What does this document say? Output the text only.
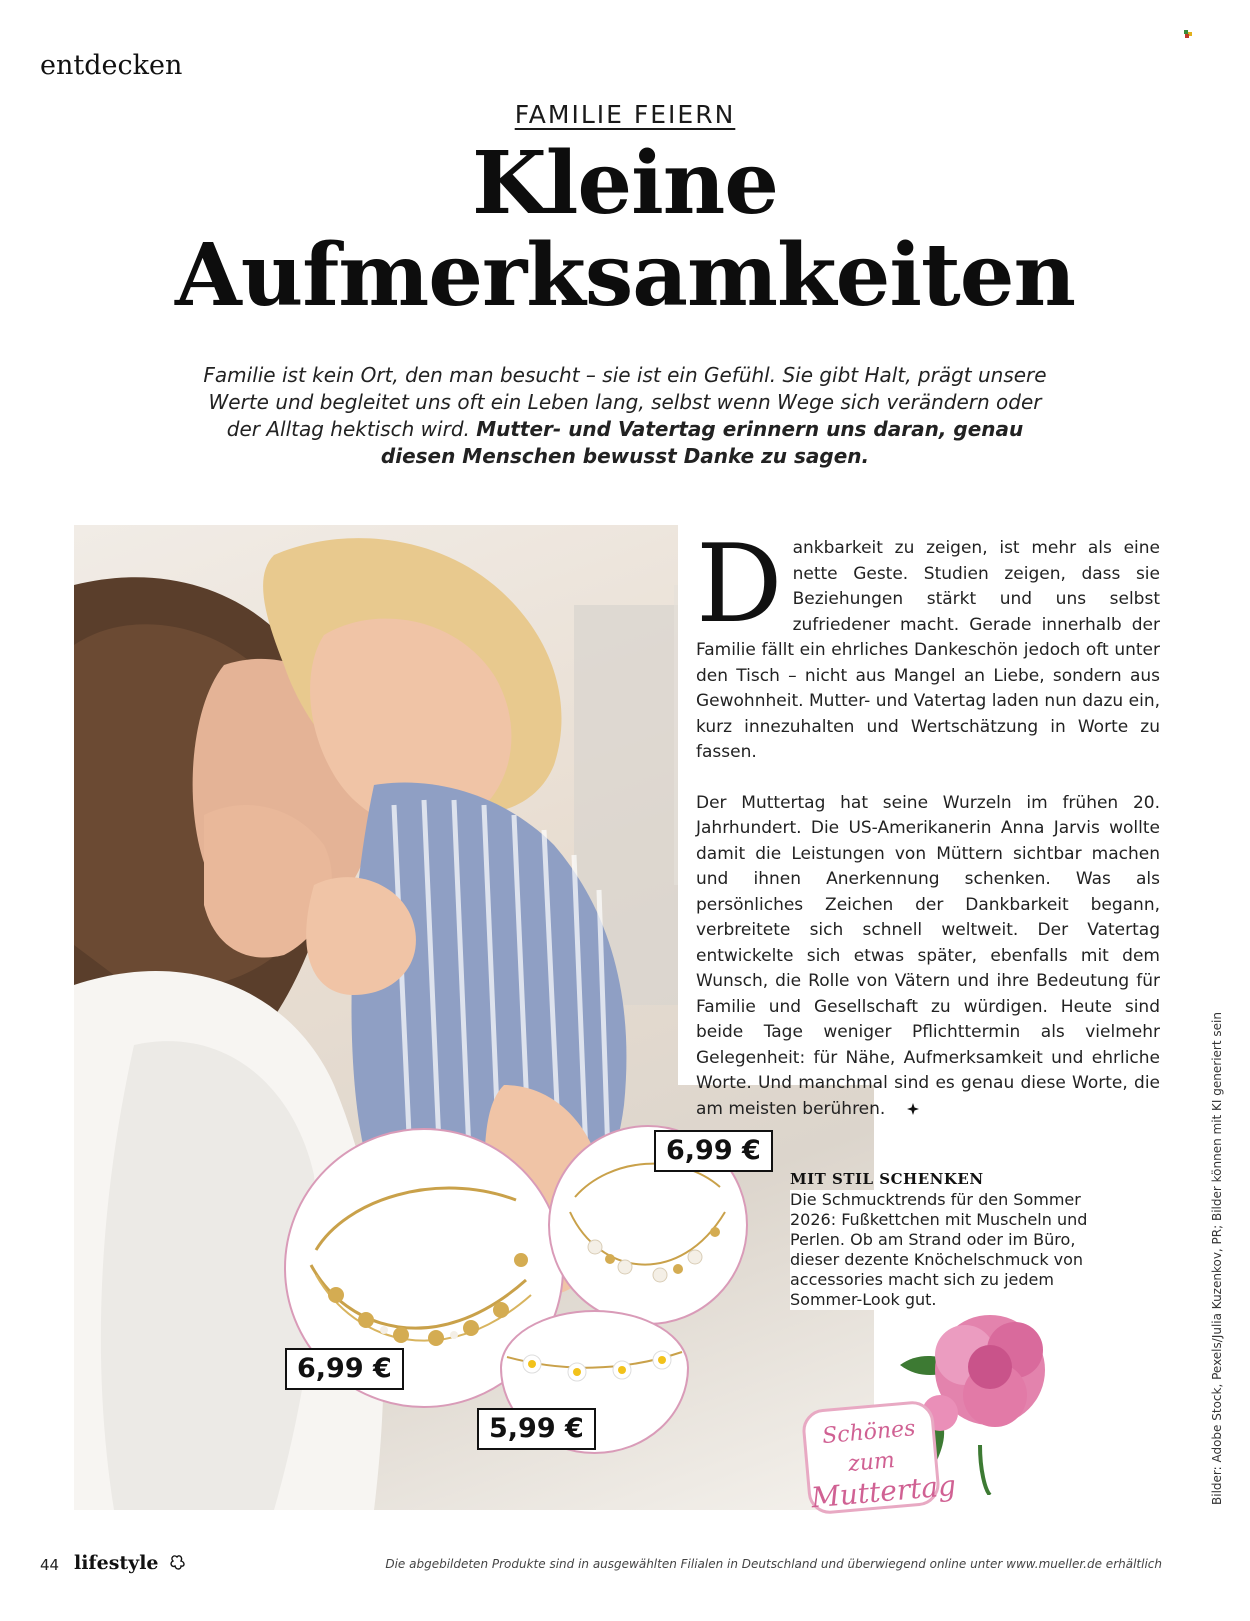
entdecken
FAMILIE FEIERN
Kleine
Aufmerksamkeiten
Familie ist kein Ort, den man besucht – sie ist ein Gefühl. Sie gibt Halt, prägt unsere Werte und begleitet uns oft ein Leben lang, selbst wenn Wege sich verändern oder der Alltag hektisch wird. Mutter- und Vatertag erinnern uns daran, genau diesen Menschen bewusst Danke zu sagen.

D ankbarkeit zu zeigen, ist mehr als eine nette Geste. Studien zeigen, dass sie Beziehungen stärkt und uns selbst zufriedener macht. Gerade innerhalb der Familie fällt ein ehrliches Dankeschön jedoch oft unter den Tisch – nicht aus Mangel an Liebe, sondern aus Gewohnheit. Mutter- und Vatertag laden nun dazu ein, kurz innezuhalten und Wertschätzung in Worte zu fassen.

Der Muttertag hat seine Wurzeln im frühen 20. Jahrhundert. Die US-Amerikanerin Anna Jarvis wollte damit die Leistungen von Müttern sichtbar machen und ihnen Anerkennung schenken. Was als persönliches Zeichen der Dankbarkeit begann, verbreitete sich schnell weltweit. Der Vatertag entwickelte sich etwas später, ebenfalls mit dem Wunsch, die Rolle von Vätern und ihre Bedeutung für Familie und Gesellschaft zu würdigen. Heute sind beide Tage weniger Pflichttermin als vielmehr Gelegenheit: für Nähe, Aufmerksamkeit und ehrliche Worte. Und manchmal sind es genau diese Worte, die am meisten berühren.

6,99 €
6,99 €
5,99 €
MIT STIL SCHENKEN
Die Schmucktrends für den Sommer 2026: Fußkettchen mit Muscheln und Perlen. Ob am Strand oder im Büro, dieser dezente Knöchelschmuck von accessories macht sich zu jedem Sommer-Look gut.
Schönes zum
Muttertag	Bilder: Adobe Stock, Pexels/Julia Kuzenkov, PR; Bilder können mit KI generiert sein
44 lifestyle	Die abgebildeten Produkte sind in ausgewählten Filialen in Deutschland und überwiegend online unter www.mueller.de erhältlich
